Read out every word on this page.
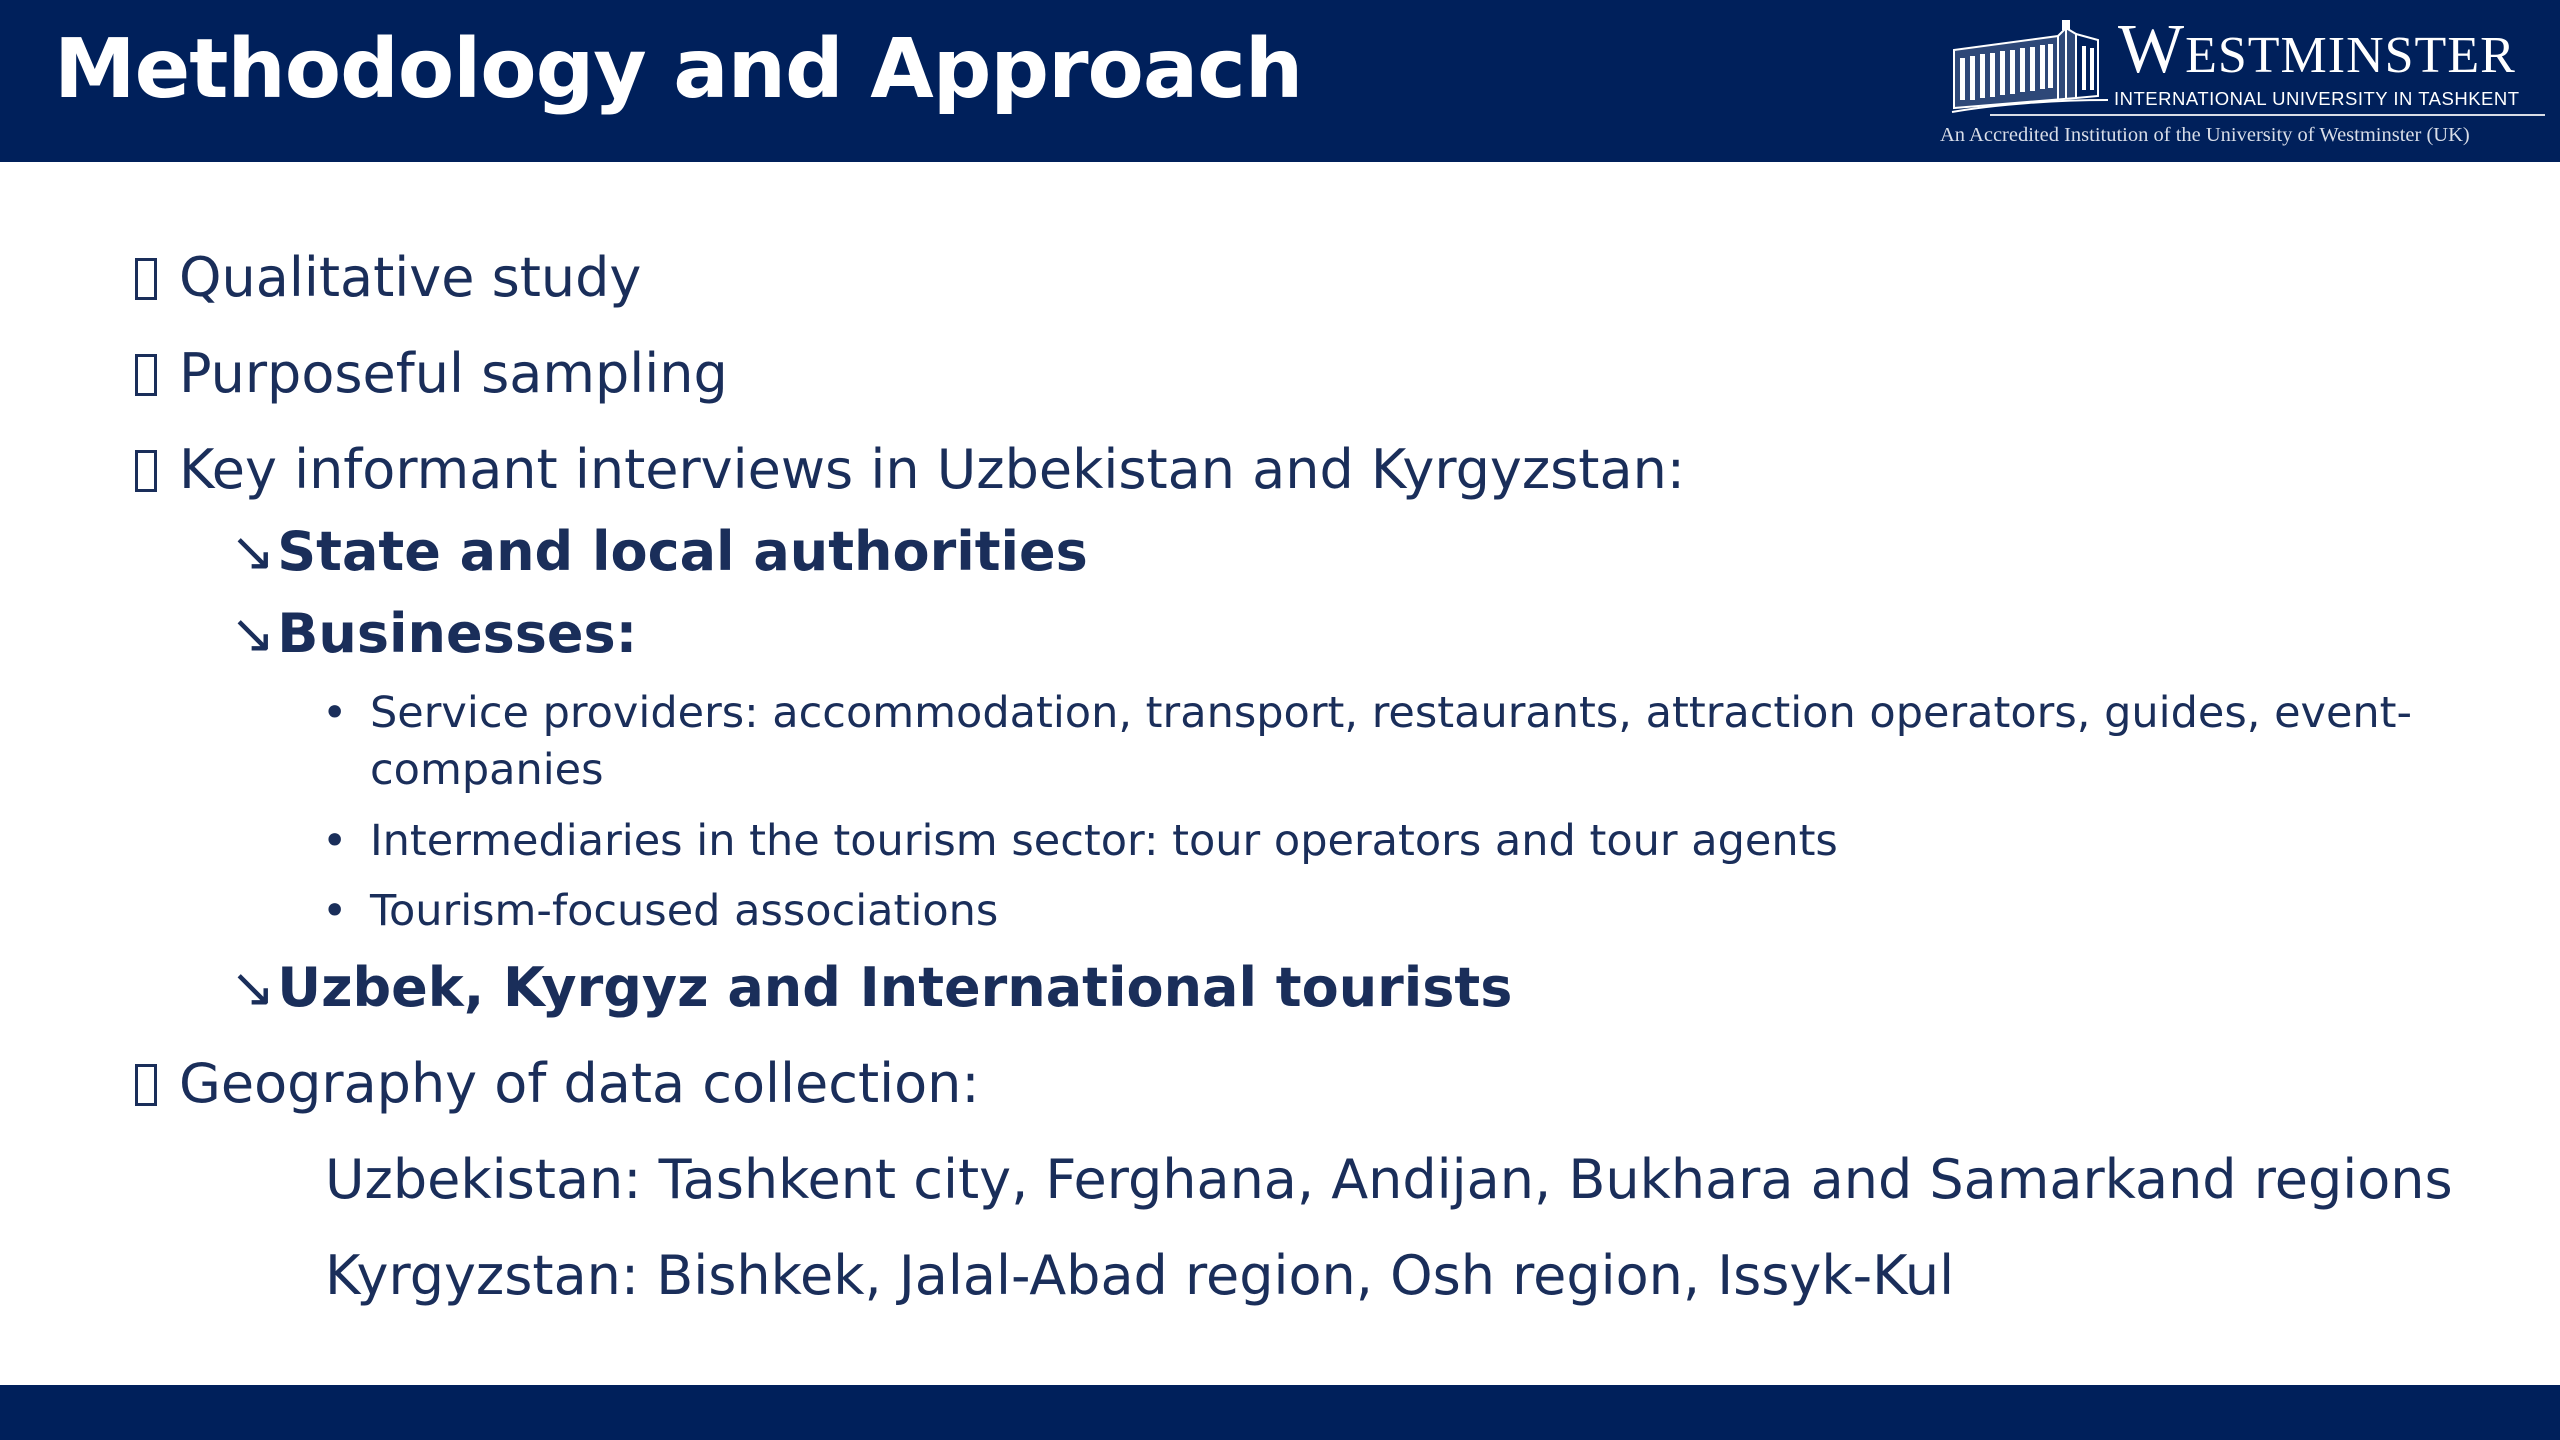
Methodology and Approach	WESTMINSTER
INTERNATIONAL UNIVERSITY IN TASHKENT
An Accredited Institution of the University of Westminster (UK)
Qualitative study
Purposeful sampling
Key informant interviews in Uzbekistan and Kyrgyzstan:
↘State and local authorities
↘Businesses:
• Service providers: accommodation, transport, restaurants, attraction operators, guides, event-
companies
• Intermediaries in the tourism sector: tour operators and tour agents
• Tourism-focused associations
↘Uzbek, Kyrgyz and International tourists
Geography of data collection:
Uzbekistan: Tashkent city, Ferghana, Andijan, Bukhara and Samarkand regions
Kyrgyzstan: Bishkek, Jalal-Abad region, Osh region, Issyk-Kul
